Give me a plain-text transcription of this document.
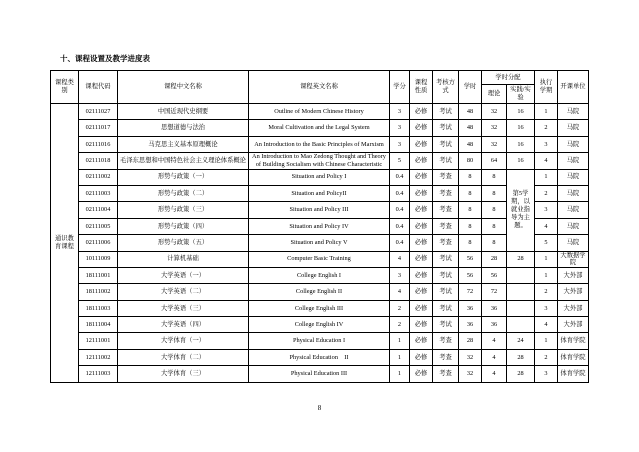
十、课程设置及教学进度表
课程类别	课程代码	课程中文名称	课程英文名称	学分	课程性质	考核方式	学时	学时分配		执行学期	开课单位
								理论	实践/实验		
通识教育课程	02111027	中国近现代史纲要	Outline of Modern Chinese History	3	必修	考试	48	32	16	1	马院
	02111017	思想道德与法治	Moral Cultivation and the Legal System	3	必修	考试	48	32	16	2	马院
	02111016	马克思主义基本原理概论	An Introduction to the Basic Principles of Marxism	3	必修	考试	48	32	16	3	马院
	02111018	毛泽东思想和中国特色社会主义理论体系概论	An Introduction to Mao Zedong Thought and Theory of Building Socialism with Chinese Characteristic	5	必修	考试	80	64	16	4	马院
	02111002	形势与政策（一）	Situation and Policy I	0.4	必修	考查	8	8	第5学期，以就业指导为主题。	1	马院
	02111003	形势与政策（二）	Situation and PolicyII	0.4	必修	考查	8	8		2	马院
	02111004	形势与政策（三）	Situation and Policy III	0.4	必修	考查	8	8		3	马院
	02111005	形势与政策（四）	Situation and Policy IV	0.4	必修	考查	8	8		4	马院
	02111006	形势与政策（五）	Situation and Policy V	0.4	必修	考查	8	8		5	马院
	10111009	计算机基础	Computer Basic Training	4	必修	考试	56	28	28	1	大数据学院
	18111001	大学英语（一）	College English I	3	必修	考试	56	56		1	大外部
	18111002	大学英语（二）	College English II	4	必修	考试	72	72		2	大外部
	18111003	大学英语（三）	College English III	2	必修	考试	36	36		3	大外部
	18111004	大学英语（四）	College English IV	2	必修	考试	36	36		4	大外部
	12111001	大学体育（一）	Physical Education I	1	必修	考查	28	4	24	1	体育学院
	12111002	大学体育（二）	Physical Education    II	1	必修	考查	32	4	28	2	体育学院
	12111003	大学体育（三）	Physical Education III	1	必修	考查	32	4	28	3	体育学院
8
